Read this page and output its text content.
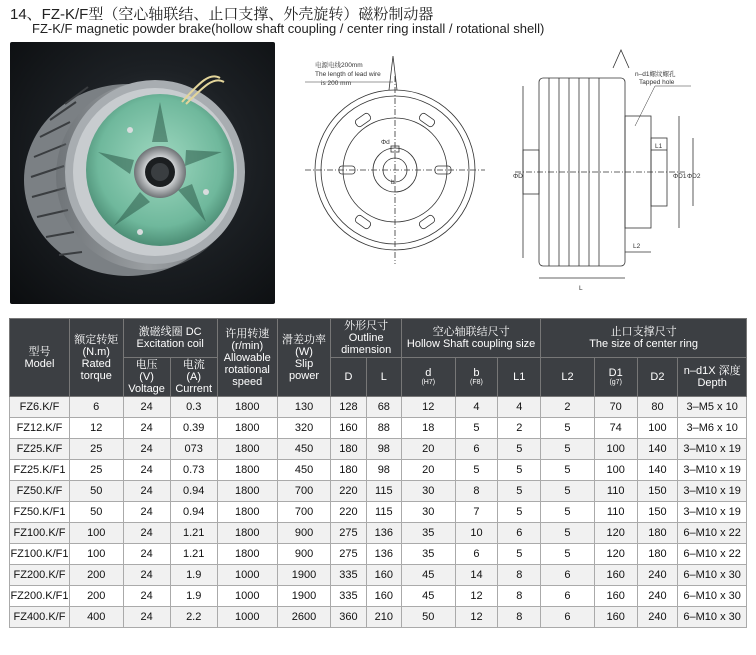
14、FZ-K/F型（空心轴联结、止口支撑、外壳旋转）磁粉制动器
FZ-K/F magnetic powder brake(hollow shaft coupling / center ring install / rotational shell)
电源电线200mm
The length of lead wire
is 200 mm
Φd
b
n–d1螺纹螺孔
Tapped hole
ΦD	ΦD1 ΦD2
L
L1
L2
型号
Model	额定转矩
(N.m)
Rated torque	激磁线圈 DC
Excitation coil		许用转速
(r/min)
Allowable rotational speed	滑差功率
(W)
Slip power	外形尺寸
Outline dimension		空心轴联结尺寸
Hollow Shaft coupling size			止口支撑尺寸
The size of center ring			

		电压
(V)
Voltage	电流
(A)
Current			D	L	d
(H7)	b
(F8)	L1	L2	D1
(g7)	D2	n–d1X 深度
Depth

FZ6.K/F	6	24	0.3	1800	130	128	68	12	4	4	2	70	80	3–M5 x 10
FZ12.K/F	12	24	0.39	1800	320	160	88	18	5	2	5	74	100	3–M6 x 10
FZ25.K/F	25	24	073	1800	450	180	98	20	6	5	5	100	140	3–M10 x 19
FZ25.K/F1	25	24	0.73	1800	450	180	98	20	5	5	5	100	140	3–M10 x 19
FZ50.K/F	50	24	0.94	1800	700	220	115	30	8	5	5	110	150	3–M10 x 19
FZ50.K/F1	50	24	0.94	1800	700	220	115	30	7	5	5	110	150	3–M10 x 19
FZ100.K/F	100	24	1.21	1800	900	275	136	35	10	6	5	120	180	6–M10 x 22
FZ100.K/F1	100	24	1.21	1800	900	275	136	35	6	5	5	120	180	6–M10 x 22
FZ200.K/F	200	24	1.9	1000	1900	335	160	45	14	8	6	160	240	6–M10 x 30
FZ200.K/F1	200	24	1.9	1000	1900	335	160	45	12	8	6	160	240	6–M10 x 30
FZ400.K/F	400	24	2.2	1000	2600	360	210	50	12	8	6	160	240	6–M10 x 30
